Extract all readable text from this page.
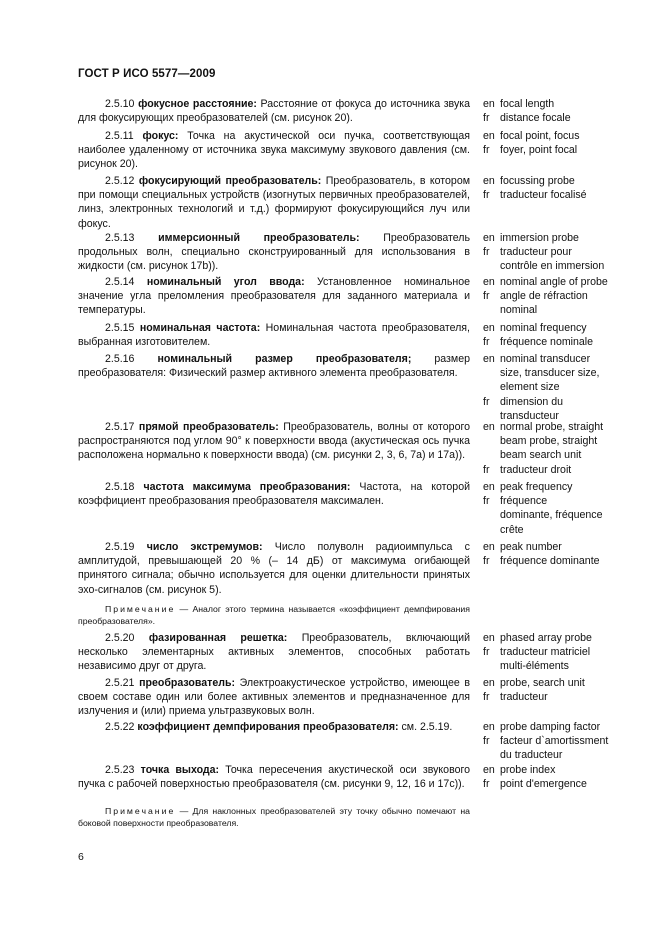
ГОСТ Р ИСО 5577—2009
2.5.10 фокусное расстояние: Расстояние от фокуса до источника звука для фокусирующих преобразователей (см. рисунок 20).
en focal length
fr distance focale
2.5.11 фокус: Точка на акустической оси пучка, соответствующая наиболее удаленному от источника звука максимуму звукового давления (см. рисунок 20).
en focal point, focus
fr foyer, point focal
2.5.12 фокусирующий преобразователь: Преобразователь, в котором при помощи специальных устройств (изогнутых первичных преобразователей, линз, электронных технологий и т.д.) формируют фокусирующийся луч или фокус.
en focussing probe
fr traducteur focalisé
2.5.13 иммерсионный преобразователь: Преобразователь продольных волн, специально сконструированный для использования в жидкости (см. рисунок 17b)).
en immersion probe
fr traducteur pour
contrôle en immersion
2.5.14 номинальный угол ввода: Установленное номинальное значение угла преломления преобразователя для заданного материала и температуры.
en nominal angle of probe
fr angle de réfraction
nominal
2.5.15 номинальная частота: Номинальная частота преобразователя, выбранная изготовителем.
en nominal frequency
fr fréquence nominale
2.5.16 номинальный размер преобразователя; размер преобразователя: Физический размер активного элемента преобразователя.
en nominal transducer
size, transducer size,
element size
fr dimension du
transducteur
2.5.17 прямой преобразователь: Преобразователь, волны от которого распространяются под углом 90° к поверхности ввода (акустическая ось пучка расположена нормально к поверхности ввода) (см. рисунки 2, 3, 6, 7а) и 17а)).
en normal probe, straight
beam probe, straight
beam search unit
fr traducteur droit
2.5.18 частота максимума преобразования: Частота, на которой коэффициент преобразования преобразователя максимален.
en peak frequency
fr fréquence
dominante, fréquence
crête
2.5.19 число экстремумов: Число полуволн радиоимпульса с амплитудой, превышающей 20 % (– 14 дБ) от максимума огибающей принятого сигнала; обычно используется для оценки длительности принятых эхо-сигналов (см. рисунок 5).
en peak number
fr fréquence dominante
2.5.20 фазированная решетка: Преобразователь, включающий несколько элементарных активных элементов, способных работать независимо друг от друга.
en phased array probe
fr traducteur matriciel
multi-éléments
2.5.21 преобразователь: Электроакустическое устройство, имеющее в своем составе один или более активных элементов и предназначенное для излучения и (или) приема ультразвуковых волн.
en probe, search unit
fr traducteur
2.5.22 коэффициент демпфирования преобразователя: см. 2.5.19.	en probe damping factor
fr facteur d`amortissment
du traducteur
2.5.23 точка выхода: Точка пересечения акустической оси звукового пучка с рабочей поверхностью преобразователя (см. рисунки 9, 12, 16 и 17с)).
en probe index
fr point d'emergence
Примечание — Аналог этого термина называется «коэффициент демпфирования преобразователя».
Примечание — Для наклонных преобразователей эту точку обычно помечают на боковой поверхности преобразователя.
6
